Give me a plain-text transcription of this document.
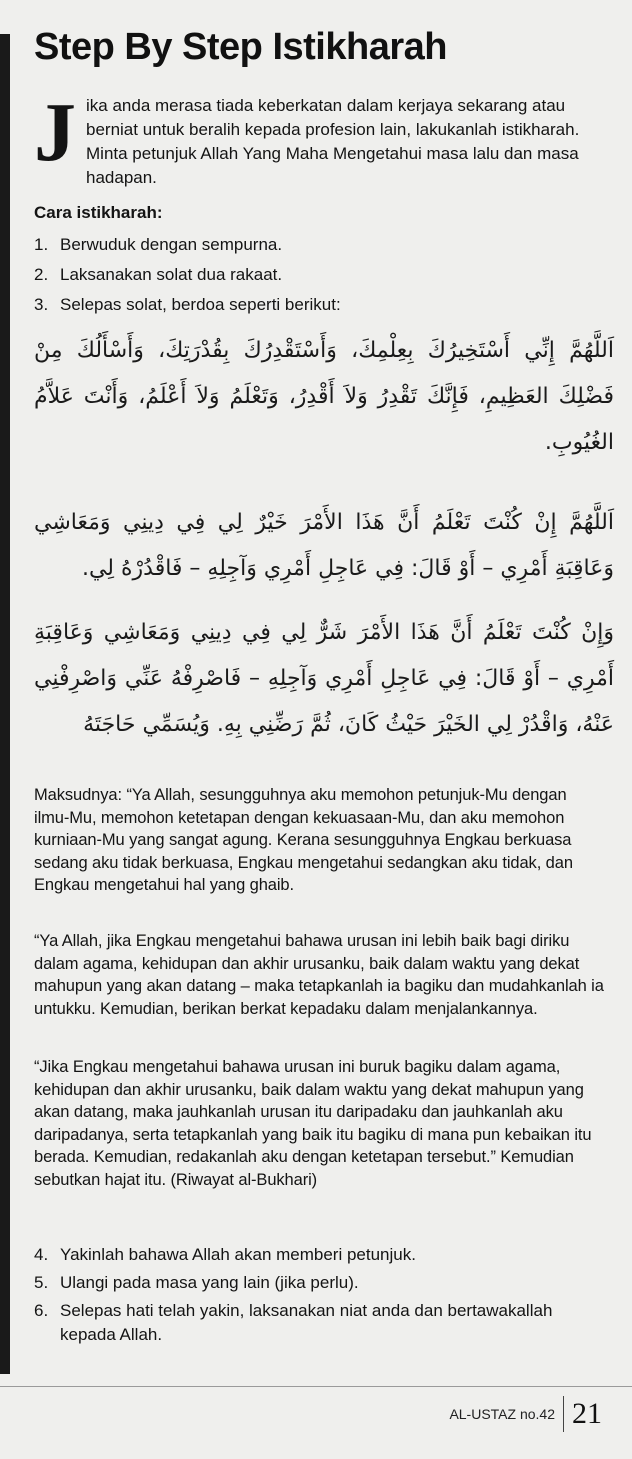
Step By Step Istikharah
J ika anda merasa tiada keberkatan dalam kerjaya sekarang atau berniat untuk beralih kepada profesion lain, lakukanlah istikharah. Minta petunjuk Allah Yang Maha Mengetahui masa lalu dan masa hadapan.
Cara istikharah:
1. Berwuduk dengan sempurna.
2. Laksanakan solat dua rakaat.
3. Selepas solat, berdoa seperti berikut:
اَللَّهُمَّ إِنِّي أَسْتَخِيرُكَ بِعِلْمِكَ، وَأَسْتَقْدِرُكَ بِقُدْرَتِكَ، وَأَسْأَلُكَ مِنْ فَضْلِكَ العَظِيمِ، فَإِنَّكَ تَقْدِرُ وَلاَ أَقْدِرُ، وَتَعْلَمُ وَلاَ أَعْلَمُ، وَأَنْتَ عَلاَّمُ الغُيُوبِ.
اَللَّهُمَّ إِنْ كُنْتَ تَعْلَمُ أَنَّ هَذَا الأَمْرَ خَيْرٌ لِي فِي دِينِي وَمَعَاشِي وَعَاقِبَةِ أَمْرِي – أَوْ قَالَ: فِي عَاجِلِ أَمْرِي وَآجِلِهِ – فَاقْدُرْهُ لِي.
وَإِنْ كُنْتَ تَعْلَمُ أَنَّ هَذَا الأَمْرَ شَرٌّ لِي فِي دِينِي وَمَعَاشِي وَعَاقِبَةِ أَمْرِي – أَوْ قَالَ: فِي عَاجِلِ أَمْرِي وَآجِلِهِ – فَاصْرِفْهُ عَنِّي وَاصْرِفْنِي عَنْهُ، وَاقْدُرْ لِي الخَيْرَ حَيْثُ كَانَ، ثُمَّ رَضِّنِي بِهِ. وَيُسَمِّي حَاجَتَهُ
Maksudnya: “Ya Allah, sesungguhnya aku memohon petunjuk-Mu dengan ilmu-Mu, memohon ketetapan dengan kekuasaan-Mu, dan aku memohon kurniaan-Mu yang sangat agung. Kerana sesungguhnya Engkau berkuasa sedang aku tidak berkuasa, Engkau mengetahui sedangkan aku tidak, dan Engkau mengetahui hal yang ghaib.
“Ya Allah, jika Engkau mengetahui bahawa urusan ini lebih baik bagi diriku dalam agama, kehidupan dan akhir urusanku, baik dalam waktu yang dekat mahupun yang akan datang – maka tetapkanlah ia bagiku dan mudahkanlah ia untukku. Kemudian, berikan berkat kepadaku dalam menjalankannya.
“Jika Engkau mengetahui bahawa urusan ini buruk bagiku dalam agama, kehidupan dan akhir urusanku, baik dalam waktu yang dekat mahupun yang akan datang, maka jauhkanlah urusan itu daripadaku dan jauhkanlah aku daripadanya, serta tetapkanlah yang baik itu bagiku di mana pun kebaikan itu berada. Kemudian, redakanlah aku dengan ketetapan tersebut.” Kemudian sebutkan hajat itu. (Riwayat al-Bukhari)
4. Yakinlah bahawa Allah akan memberi petunjuk.
5. Ulangi pada masa yang lain (jika perlu).
6. Selepas hati telah yakin, laksanakan niat anda dan bertawakallah kepada Allah.
AL-USTAZ no.42 21
